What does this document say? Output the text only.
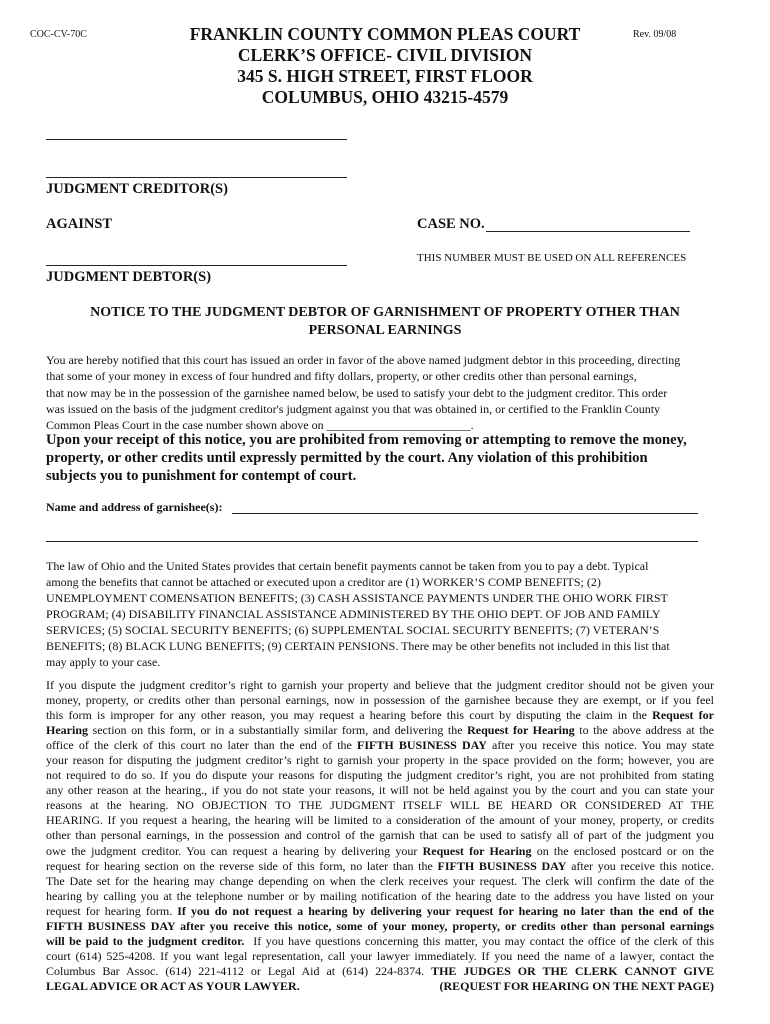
COC-CV-70C	Rev. 09/08
FRANKLIN COUNTY COMMON PLEAS COURT
CLERK’S OFFICE- CIVIL DIVISION
345 S. HIGH STREET, FIRST FLOOR
COLUMBUS, OHIO 43215-4579
JUDGMENT CREDITOR(S)
AGAINST	CASE NO.
THIS NUMBER MUST BE USED ON ALL REFERENCES
JUDGMENT DEBTOR(S)
NOTICE TO THE JUDGMENT DEBTOR OF GARNISHMENT OF PROPERTY OTHER THAN
PERSONAL EARNINGS
You are hereby notified that this court has issued an order in favor of the above named judgment debtor in this proceeding, directing
that some of your money in excess of four hundred and fifty dollars, property, or other credits other than personal earnings,
that now may be in the possession of the garnishee named below, be used to satisfy your debt to the judgment creditor. This order
was issued on the basis of the judgment creditor's judgment against you that was obtained in, or certified to the Franklin County
Common Pleas Court in the case number shown above on ________________________.
Upon your receipt of this notice, you are prohibited from removing or attempting to remove the money,
property, or other credits until expressly permitted by the court. Any violation of this prohibition
subjects you to punishment for contempt of court.
Name and address of garnishee(s):
The law of Ohio and the United States provides that certain benefit payments cannot be taken from you to pay a debt. Typical
among the benefits that cannot be attached or executed upon a creditor are (1) WORKER’S COMP BENEFITS; (2)
UNEMPLOYMENT COMENSATION BENEFITS; (3) CASH ASSISTANCE PAYMENTS UNDER THE OHIO WORK FIRST
PROGRAM; (4) DISABILITY FINANCIAL ASSISTANCE ADMINISTERED BY THE OHIO DEPT. OF JOB AND FAMILY
SERVICES; (5) SOCIAL SECURITY BENEFITS; (6) SUPPLEMENTAL SOCIAL SECURITY BENEFITS; (7) VETERAN’S
BENEFITS; (8) BLACK LUNG BENEFITS; (9) CERTAIN PENSIONS. There may be other benefits not included in this list that
may apply to your case.
If you dispute the judgment creditor’s right to garnish your property and believe that the judgment creditor should not be given your
money, property, or credits other than personal earnings, now in possession of the garnishee because they are exempt, or if you feel
this form is improper for any other reason, you may request a hearing before this court by disputing the claim in the Request for
Hearing section on this form, or in a substantially similar form, and delivering the Request for Hearing to the above address at the
office of the clerk of this court no later than the end of the FIFTH BUSINESS DAY after you receive this notice. You may state
your reason for disputing the judgment creditor’s right to garnish your property in the space provided on the form; however, you are
not required to do so. If you do dispute your reasons for disputing the judgment creditor’s right, you are not prohibited from stating
any other reason at the hearing., if you do not state your reasons, it will not be held against you by the court and you can state your
reasons at the hearing. NO OBJECTION TO THE JUDGMENT ITSELF WILL BE HEARD OR CONSIDERED AT THE
HEARING. If you request a hearing, the hearing will be limited to a consideration of the amount of your money, property, or credits
other than personal earnings, in the possession and control of the garnish that can be used to satisfy all of part of the judgment you
owe the judgment creditor. You can request a hearing by delivering your Request for Hearing on the enclosed postcard or on the
request for hearing section on the reverse side of this form, no later than the FIFTH BUSINESS DAY after you receive this notice.
The Date set for the hearing may change depending on when the clerk receives your request. The clerk will confirm the date of the
hearing by calling you at the telephone number or by mailing notification of the hearing date to the address you have listed on your
request for hearing form. If you do not request a hearing by delivering your request for hearing no later than the end of the
FIFTH BUSINESS DAY after you receive this notice, some of your money, property, or credits other than personal earnings
will be paid to the judgment creditor.  If you have questions concerning this matter, you may contact the office of the clerk of this
court (614) 525-4208. If you want legal representation, call your lawyer immediately. If you need the name of a lawyer, contact the
Columbus Bar Assoc. (614) 221-4112 or Legal Aid at (614) 224-8374. THE JUDGES OR THE CLERK CANNOT GIVE
LEGAL ADVICE OR ACT AS YOUR LAWYER.	(REQUEST FOR HEARING ON THE NEXT PAGE)
